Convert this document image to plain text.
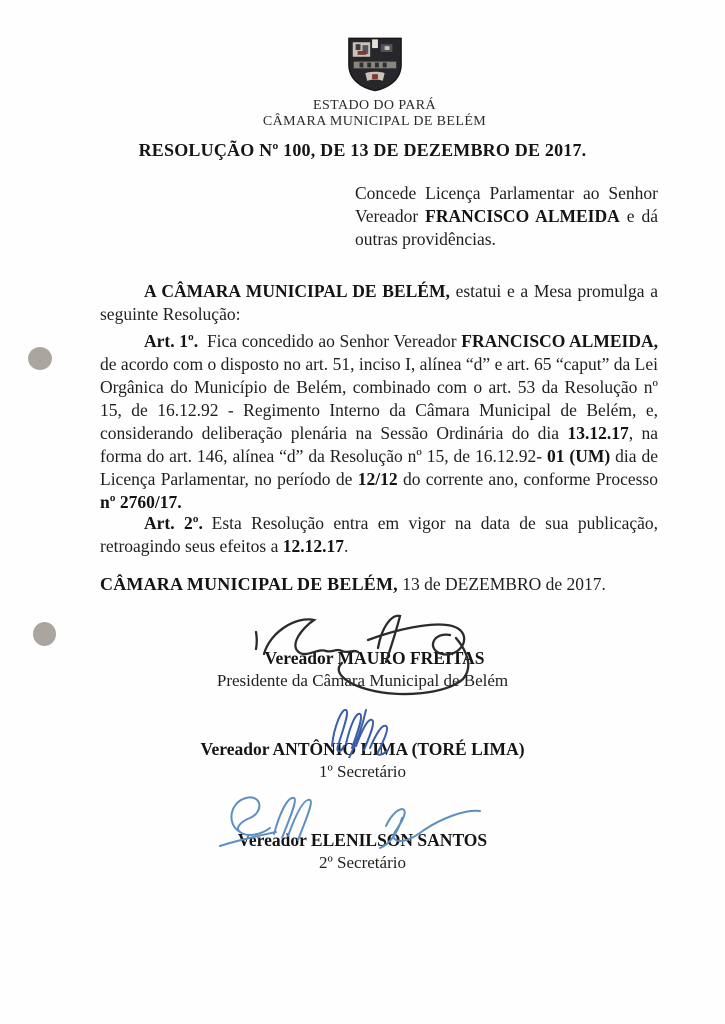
ESTADO DO PARÁ
CÂMARA MUNICIPAL DE BELÉM
RESOLUÇÃO Nº 100, DE 13 DE DEZEMBRO DE 2017.
Concede Licença Parlamentar ao Senhor Vereador FRANCISCO ALMEIDA e dá outras providências.
A CÂMARA MUNICIPAL DE BELÉM, estatui e a Mesa promulga a seguinte Resolução:
Art. 1º. Fica concedido ao Senhor Vereador FRANCISCO ALMEIDA, de acordo com o disposto no art. 51, inciso I, alínea “d” e art. 65 “caput” da Lei Orgânica do Município de Belém, combinado com o art. 53 da Resolução nº 15, de 16.12.92 - Regimento Interno da Câmara Municipal de Belém, e, considerando deliberação plenária na Sessão Ordinária do dia 13.12.17, na forma do art. 146, alínea “d” da Resolução nº 15, de 16.12.92- 01 (UM) dia de Licença Parlamentar, no período de 12/12 do corrente ano, conforme Processo nº 2760/17.
Art. 2º. Esta Resolução entra em vigor na data de sua publicação, retroagindo seus efeitos a 12.12.17.
CÂMARA MUNICIPAL DE BELÉM, 13 de DEZEMBRO de 2017.
Vereador MAURO FREITAS
Presidente da Câmara Municipal de Belém
Vereador ANTÔNIO LIMA (TORÉ LIMA)
1º Secretário
Vereador ELENILSON SANTOS
2º Secretário
